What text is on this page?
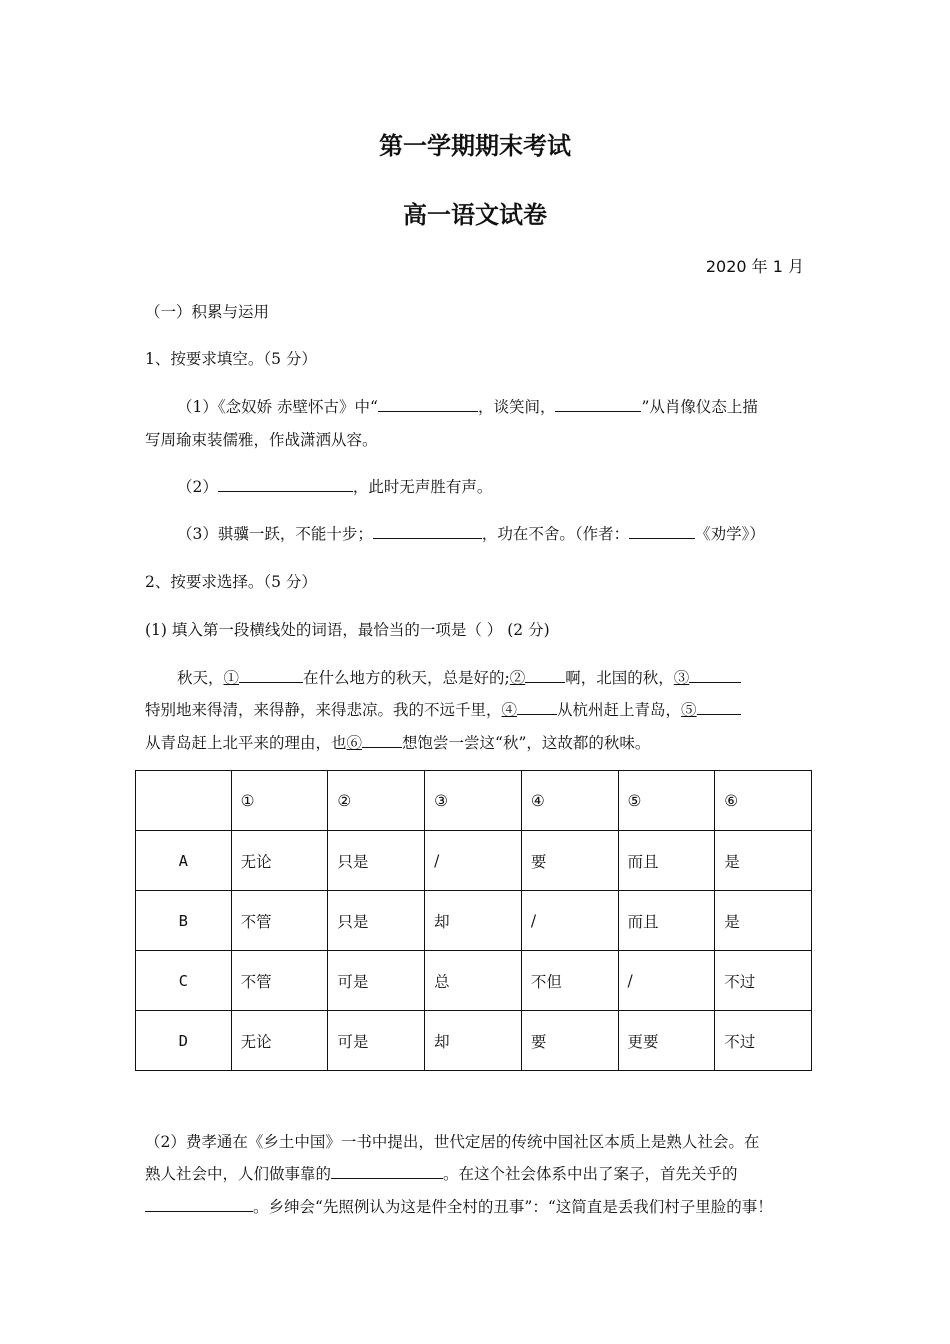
第一学期期末考试
高一语文试卷
2020 年 1 月
（一）积累与运用
1、按要求填空。（5 分）
（1）《念奴娇 赤壁怀古》中“	，谈笑间，	”从肖像仪态上描
写周瑜束装儒雅，作战潇洒从容。
（2）	，此时无声胜有声。
（3）骐骥一跃，不能十步；	，功在不舍。（作者：	《劝学》）
2、按要求选择。（5 分）
(1) 填入第一段横线处的词语，最恰当的一项是（ ） (2 分)
秋天，①	在什么地方的秋天，总是好的;②	啊，北国的秋，③
特别地来得清，来得静，来得悲凉。我的不远千里，④	从杭州赶上青岛，⑤
从青岛赶上北平来的理由，也⑥	想饱尝一尝这“秋”，这故都的秋味。
	①	②	③	④	⑤	⑥
A	无论	只是	/	要	而且	是
B	不管	只是	却	/	而且	是
C	不管	可是	总	不但	/	不过
D	无论	可是	却	要	更要	不过
（2）费孝通在《乡土中国》一书中提出，世代定居的传统中国社区本质上是熟人社会。在
熟人社会中，人们做事靠的	。在这个社会体系中出了案子，首先关乎的
。乡绅会“先照例认为这是件全村的丑事”：“这简直是丢我们村子里脸的事！
